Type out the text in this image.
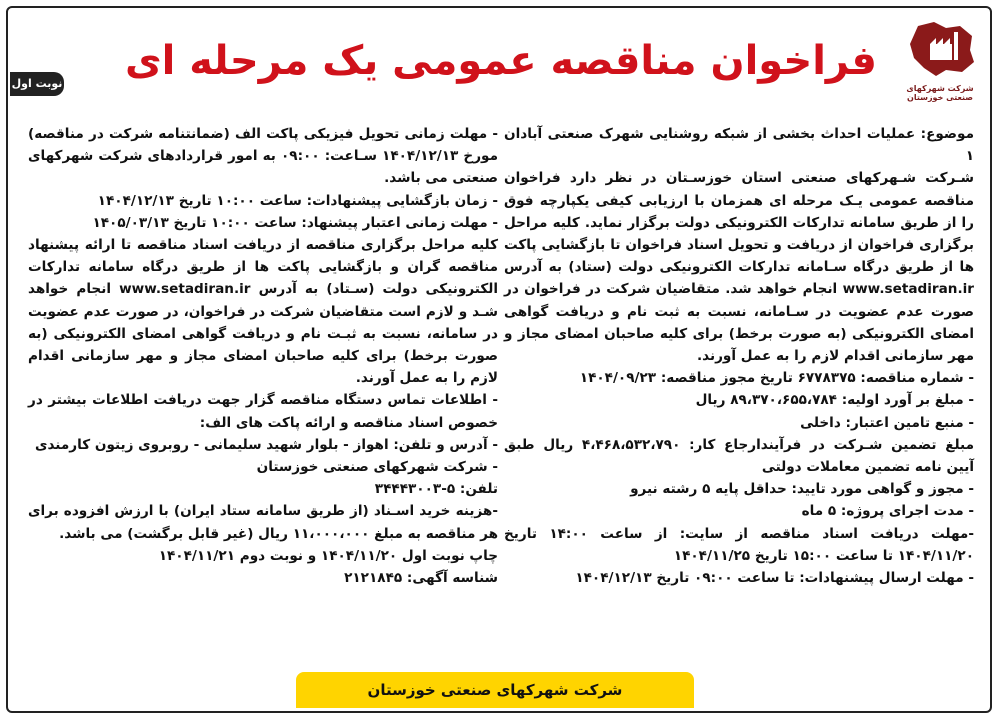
نوبت اول	فراخوان مناقصه عمومی یک مرحله ای
شرکت شهرکهای صنعتی خوزستان

موضوع: عملیات احداث بخشی از شبکه روشنایی شهرک صنعتی آبادان ۱

شـرکت شـهرکهای صنعتی استان خوزسـتان در نظر دارد فراخوان مناقصه عمومی یـک مرحله ای همزمان با ارزیابی کیفی یکپارچه فوق را از طریق سامانه تدارکات الکترونیکی دولت برگزار نماید. کلیه مراحل برگزاری فراخوان از دریافت و تحویل اسناد فراخوان تا بازگشایی پاکت ها از طریق درگاه سـامانه تدارکات الکترونیکی دولت (ستاد) به آدرس www.setadiran.ir انجام خواهد شد. متقاضیان شرکت در فراخوان در صورت عدم عضویت در سـامانه، نسبت به ثبت نام و دریافت گواهی امضای الکترونیکی (به صورت برخط) برای کلیه صاحبان امضای مجاز و مهر سازمانی اقدام لازم را به عمل آورند.

- شماره مناقصه: ۶۷۷۸۳۷۵ تاریخ مجوز مناقصه: ۱۴۰۴/۰۹/۲۳

- مبلغ بر آورد اولیه: ۸۹،۳۷۰،۶۵۵،۷۸۴ ریال

- منبع تامین اعتبار: داخلی

مبلغ تضمین شـرکت در فرآیندارجاع کار: ۴،۴۶۸،۵۳۲،۷۹۰ ریال طبق آیین نامه تضمین معاملات دولتی

- مجوز و گواهی مورد تایید: حداقل پایه ۵ رشته نیرو

- مدت اجرای پروژه: ۵ ماه

-مهلت دریافت اسناد مناقصه از سایت: از ساعت ۱۴:۰۰ تاریخ ۱۴۰۴/۱۱/۲۰ تا ساعت ۱۵:۰۰ تاریخ ۱۴۰۴/۱۱/۲۵

- مهلت ارسال پیشنهادات: تا ساعت ۰۹:۰۰ تاریخ ۱۴۰۴/۱۲/۱۳

- مهلت زمانی تحویل فیزیکی پاکت الف (ضمانتنامه شرکت در مناقصه) مورخ ۱۴۰۴/۱۲/۱۳ سـاعت: ۰۹:۰۰ به امور قراردادهای شرکت شهرکهای صنعتی می باشد.

- زمان بازگشایی پیشنهادات: ساعت ۱۰:۰۰ تاریخ ۱۴۰۴/۱۲/۱۳

- مهلت زمانی اعتبار پیشنهاد: ساعت ۱۰:۰۰ تاریخ ۱۴۰۵/۰۳/۱۳

کلیه مراحل برگزاری مناقصه از دریافت اسناد مناقصه تا ارائه پیشنهاد مناقصه گران و بازگشایی پاکت ها از طریق درگاه سامانه تدارکات الکترونیکی دولت (سـتاد) به آدرس www.setadiran.ir انجام خواهد شـد و لازم است متقاضیان شرکت در فراخوان، در صورت عدم عضویت در سامانه، نسبت به ثبـت نام و دریافت گواهی امضای الکترونیکی (به صورت برخط) برای کلیه صاحبان امضای مجاز و مهر سازمانی اقدام لازم را به عمل آورند.

- اطلاعات تماس دستگاه مناقصه گزار جهت دریافت اطلاعات بیشتر در خصوص اسناد مناقصه و ارائه پاکت های الف:

- آدرس و تلفن: اهواز - بلوار شهید سلیمانی - روبروی زیتون کارمندی

- شرکت شهرکهای صنعتی خوزستان

تلفن: ۵-۳۴۴۴۳۰۰۳

-هزینه خرید اسـناد (از طریق سامانه ستاد ایران) با ارزش افزوده برای هر مناقصه به مبلغ ۱۱،۰۰۰،۰۰۰ ریال (غیر قابل برگشت) می باشد.

چاپ نوبت اول ۱۴۰۴/۱۱/۲۰ و نوبت دوم ۱۴۰۴/۱۱/۲۱

شناسه آگهی: ۲۱۲۱۸۴۵

شرکت شهرکهای صنعتی خوزستان
